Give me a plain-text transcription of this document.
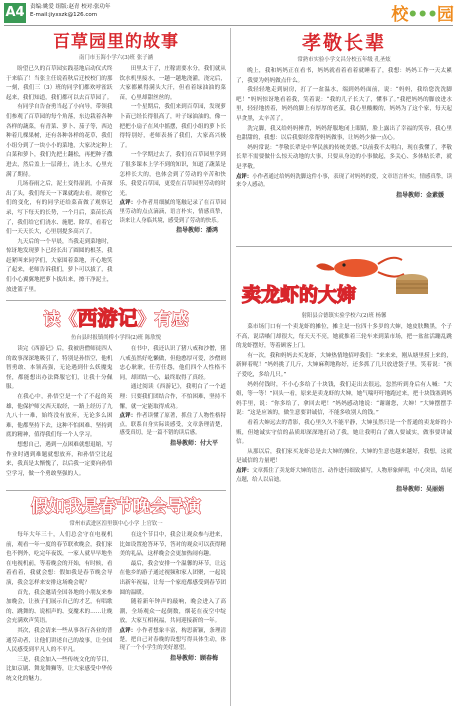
A4 责编:姚爱 组版:赵青 校对:张功年
E-mail:jiyxszk@126.com	校•••园
百草园里的故事
南门市玉海小学六(3)班 张子涵

盼望已久的百草园实践基地启动仪式终于来临了！当张主任说着秋后迁校校门的那一刻，我们三（3）班的同学们都欢呼雀跃起来，我们知道，我们都可以去百草园了。

有同学自告奋勇当起了小向导，带领我们参观了百草园的每个角落，东边栽着各种各样的蔬菜，有青菜、萝卜、茄子等，西边种着几棵果树，还有各种各样的花草，我们小组分到了一块小小的菜地，大家决定种上白菜和萝卜，我们先把土翻松，再把种子撒进去，然后盖上一层薄土，浇上水，心里充满了期待。

几场春雨之后，泥土变得湿润，小苗探出了头，我们每天一下课就跑去看，观察它们的变化，有的同学还给菜苗做了观察记录，写下每天的长势，一个月后，菜苗长高了，我们给它们浇水、施肥、除草，看着它们一天天长大，心里别提多高兴了。

九天后的一个早晨，当我走到菜地时，惊讶地发现萝卜已经长出了圆圆的根茎，我赶紧叫来同学们，大家围着菜地，开心地笑了起来，老师告诉我们，萝卜可以拔了，我们小心翼翼地把萝卜拔出来，擦干净泥土，放进篮子里。

田里太干了，庄稼需要水分，我们就从饮水机里接水，一趟一趟地浇灌，浇完后，大家都累得满头大汗，但看着绿油油的菜苗，心里却甜丝丝的。

一个星期后，我们来到百草园，发现萝卜苗已经长得很高了，叶子绿油油的，像一把把小扇子在风中摇摆，我们小组的萝卜长得特别好，老师表扬了我们，大家高兴极了。

一个学期过去了，我们在百草园里学到了很多课本上学不到的知识，知道了蔬菜是怎样长大的，也体会到了劳动的辛苦和快乐，我爱百草园，更爱在百草园里劳动的时光。

点评：小作者用细腻的笔触记录了在百草园里劳动的点点滴滴，语言朴实，情感真挚，读来让人身临其境，感受到了劳动的快乐。

指导教师：潘鸿
读《西游记》有感
鱼台县时报镇尚桥小学四(2)班 陈欣悦

读完《西游记》后，我被唐僧师徒四人的故事深深地吸引了，特别是孙悟空，他机智勇敢、本领高强，无论遇到什么妖魔鬼怪，都能想出办法降服它们，让我十分佩服。

在我心中，孙悟空是一个了不起的英雄，他保护师父西天取经，一路上经历了九九八十一难，始终没有放弃，无论多么困难，他都坚持下去，这种不怕困难、坚持到底的精神，值得我们每一个人学习。

想想自己，遇到一点困难就想退缩，写作业时遇到难题就想放弃，和孙悟空比起来，我真是太惭愧了，以后我一定要向孙悟空学习，做一个勇敢坚强的人。

在书中，我还认识了猪八戒和沙僧，猪八戒虽然好吃懒做，但他憨厚可爱，沙僧则忠心耿耿，任劳任怨，他们四个人性格不同，却团结一心，最终取得了真经。

通过阅读《西游记》，我明白了一个道理：只要我们团结合作，不怕困难，坚持不懈，就一定能取得成功。

点评：作者读懂了原著，抓住了人物性格特点，联系自身实际谈感受，文章条理清楚，感受真切，是一篇不错的读后感。

指导教师：付大平
假如我是春节晚会导演
常州市武进区湟里镇中心小学 上官钦一

每年大年三十，人们总会守在电视机前，观看一年一度的春节联欢晚会，我们家也不例外，吃完年夜饭，一家人就早早地坐在电视机前，等着晚会的开始，有时候，看着看着，我就会想：假如我是春节晚会导演，我会怎样来安排这场晚会呢？

首先，我会邀请全国各地的小朋友来参加晚会，让孩子们展示自己的才艺，有唱歌的、跳舞的、说相声的、变魔术的……让晚会充满欢声笑语。

其次，我会请来一些从事各行各业的普通劳动者，让他们讲述自己的故事，让全国人民感受到平凡人的不平凡。

三是，我会加入一些传统文化的节目，比如京剧、舞龙舞狮等，让大家感受中华传统文化的魅力。

在这个节目中，我会让观众参与进来，比如设置抢答环节，答对的观众可以获得精美的礼品，这样晚会会更加热闹有趣。

最后，我会安排一个温馨的环节，让远在他乡的游子通过视频和家人团聚，一起说出新年祝福，让每一个家庭都感受到春节团圆的温暖。

随着新年钟声的敲响，晚会进入了高潮，全场观众一起倒数，烟花在夜空中绽放，大家互相祝福，共同迎接新的一年。

点评：小作者想象丰富，构思新颖，条理清楚，把自己对春晚的设想写得具体生动，体现了一个小学生的美好愿望。

指导教师：顾春梅
孝敬长辈
常熟市实验小学文昌分校五年级 孔圣炫

晚上，我和妈妈正在看书，妈妈就看着看着就睡着了，我想：妈妈工作一天太累了，我要为妈妈做点什么。

我轻轻地走到厨房，打了一盆温水，端到妈妈面前，说：“妈妈，我给您洗洗脚吧！”妈妈惊讶地看着我，笑着说：“我的儿子长大了，懂事了。”我把妈妈的脚放进水里，轻轻地搓着，妈妈的脚上有厚厚的老茧，我心里酸酸的，妈妈为了这个家，每天起早贪黑，太辛苦了。

洗完脚，我又给妈妈捶背，妈妈舒服地闭上眼睛，脸上露出了幸福的笑容，我心里也甜甜的，我想：以后我要经常帮妈妈做事，让妈妈少操一点心。

妈妈常说：“孝敬长辈是中华民族的传统美德。”以前我不太明白，现在我懂了，孝敬长辈不需要做什么惊天动地的大事，只要从身边的小事做起，多关心、多体贴长辈，就是孝敬。

点评：小作者通过给妈妈洗脚这件小事，表现了对妈妈的爱，文章语言朴实，情感真挚，读来令人感动。

指导教师：金素媛
卖龙虾的大婶
射阳县合德镇实验学校六(2)班 杨馨

菜市场门口有一个卖龙虾的摊位，摊主是一位四十多岁的大婶，她皮肤黝黑，个子不高，说话嗓门却很大，每天天不亮，她就推着三轮车来到菜市场，把一盆盆活蹦乱跳的龙虾摆好，等着顾客上门。

有一次，我和妈妈去买龙虾，大婶热情地招呼我们：“来来来，刚从塘里捞上来的，新鲜着呢！”妈妈挑了几斤，大婶麻利地称好，还多抓了几只放进袋子里，笑着说：“孩子爱吃，多给几只。”

妈妈付钱时，不小心多给了十块钱，我们走出去很远，忽然听到身后有人喊：“大姐，等一等！”回头一看，原来是卖龙虾的大婶，她气喘吁吁地跑过来，把十块钱塞到妈妈手里，说：“你多给了，拿回去吧！”妈妈感动地说：“谢谢您，大婶！”大婶摆摆手说：“这是应该的，做生意要讲诚信，不能多收别人的钱。”

看着大婶远去的背影，我心里久久不能平静，大婶虽然只是一个普通的卖龙虾的小贩，但她诚实守信的品质却深深地打动了我，她让我明白了做人要诚实，做事要讲诚信。

从那以后，我们家买龙虾总是去大婶的摊位，大婶的生意也越来越好，我想，这就是诚信的力量吧！

点评：文章抓住了卖龙虾大婶的语言、动作进行细致描写，人物形象鲜明，中心突出，结尾点题，给人以启迪。

指导教师：吴丽娟
